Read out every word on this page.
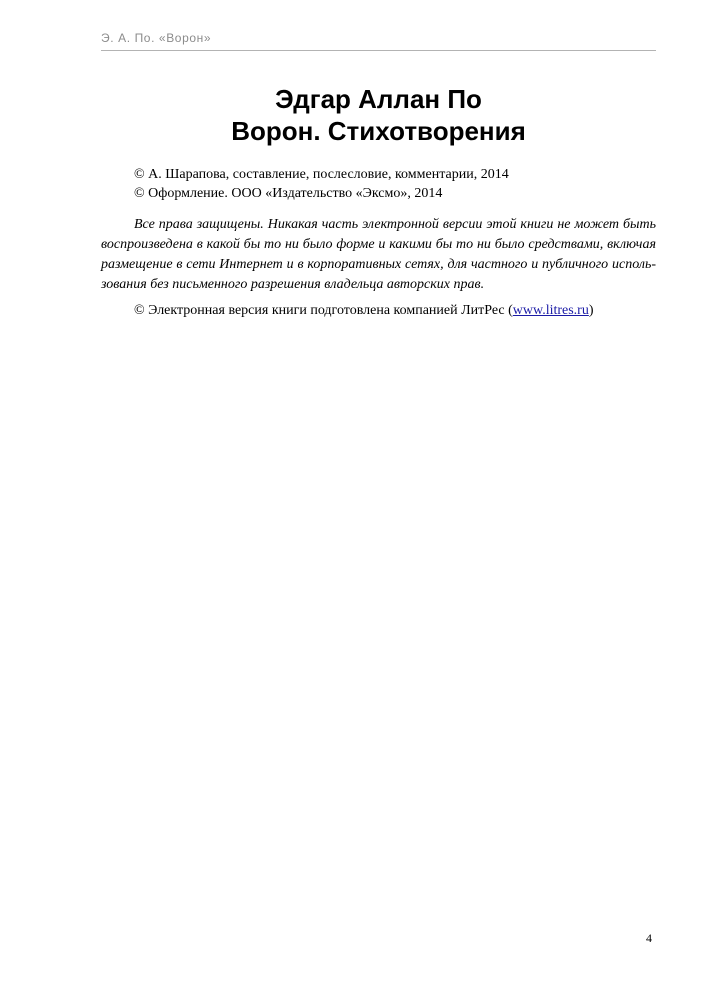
Э. А. По. «Ворон»
Эдгар Аллан По
Ворон. Стихотворения
© А. Шарапова, составление, послесловие, комментарии, 2014
© Оформление. ООО «Издательство «Эксмо», 2014
Все права защищены. Никакая часть электронной версии этой книги не может быть
воспроизведена в какой бы то ни было форме и какими бы то ни было средствами, включая
размещение в сети Интернет и в корпоративных сетях, для частного и публичного исполь-
зования без письменного разрешения владельца авторских прав.
© Электронная версия книги подготовлена компанией ЛитРес (www.litres.ru)
4
